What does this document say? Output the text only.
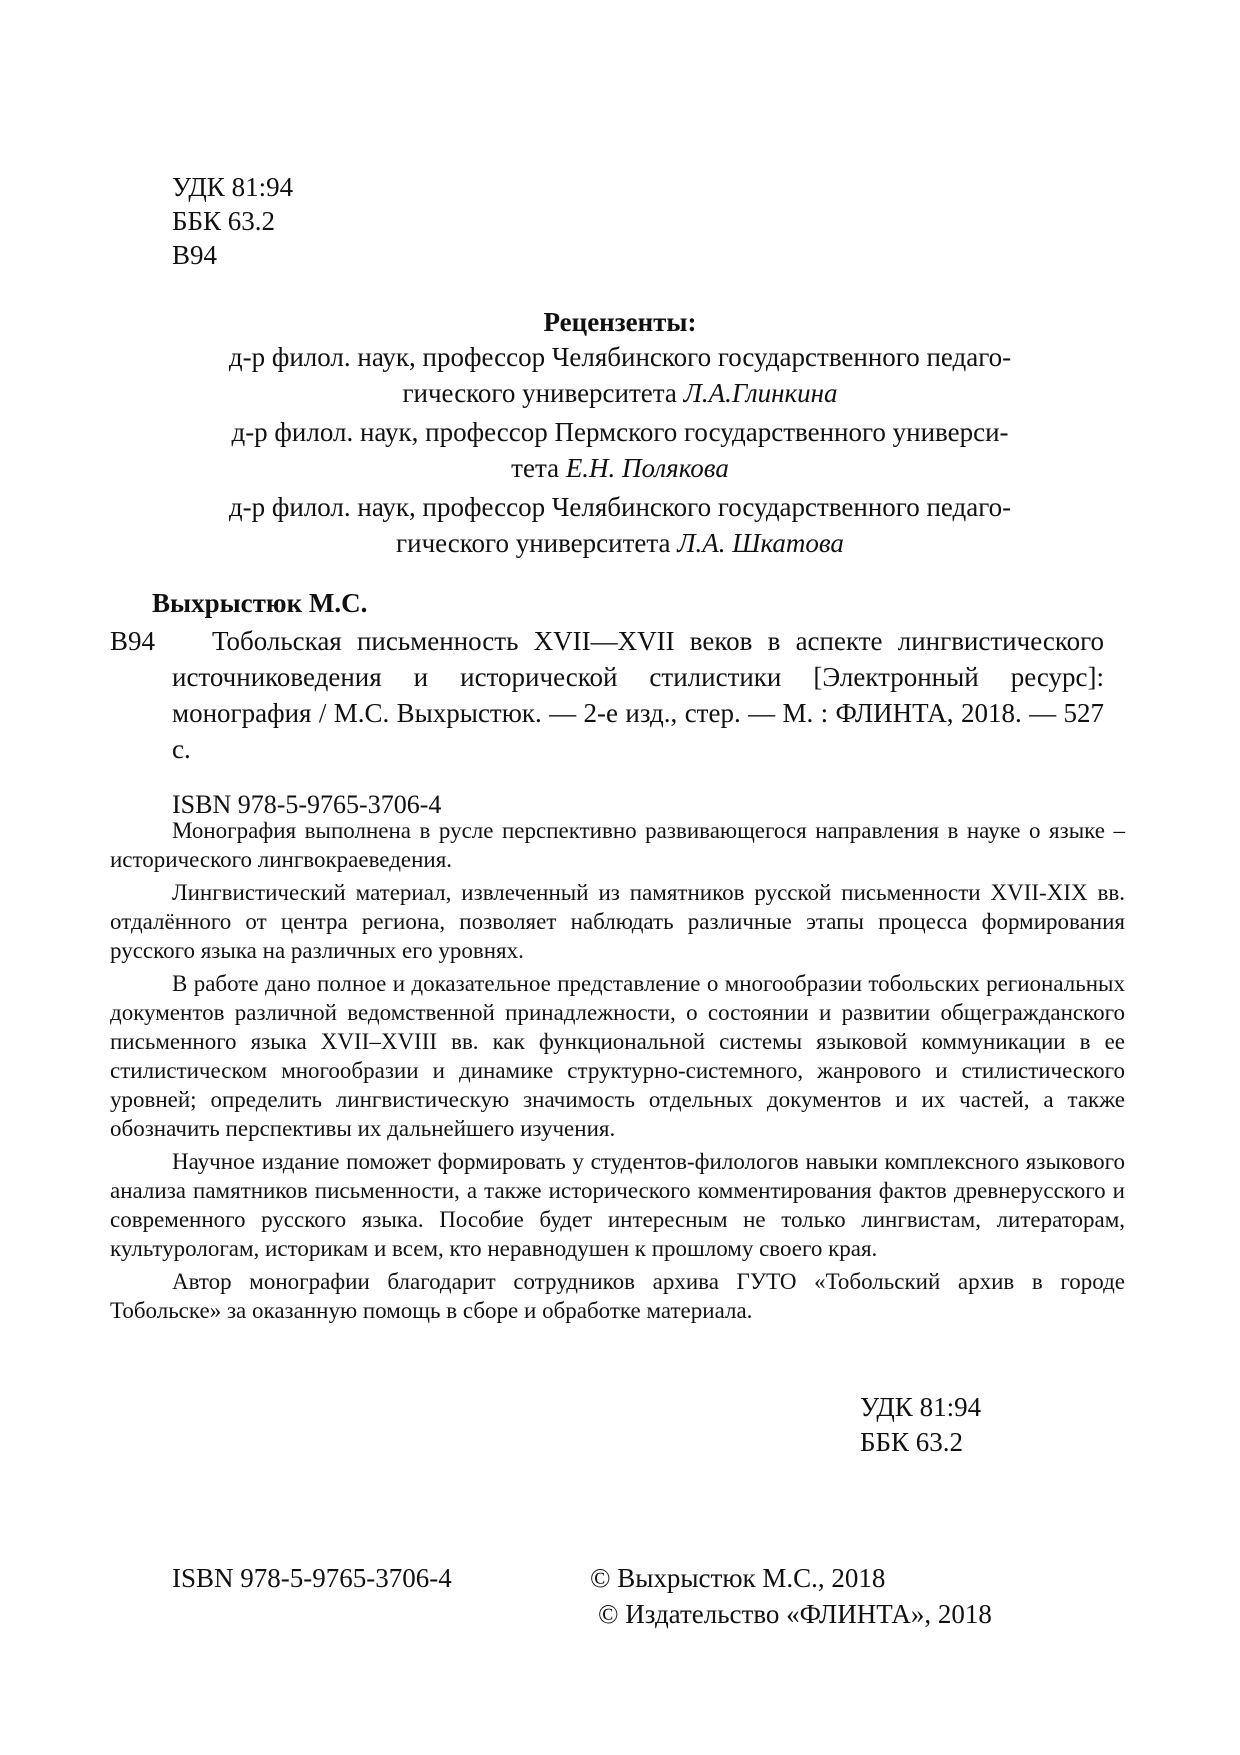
УДК 81:94
ББК 63.2
В94
Рецензенты:
д-р филол. наук, профессор Челябинского государственного педаго-
гического университета Л.А.Глинкина
д-р филол. наук, профессор Пермского государственного универси-
тета Е.Н. Полякова
д-р филол. наук, профессор Челябинского государственного педаго-
гического университета Л.А. Шкатова
Выхрыстюк М.С.
В94	Тобольская письменность XVII—XVII веков в аспекте лингвистического источниковедения и исторической стилистики [Электронный ресурс]: монография / М.С. Выхрыстюк. — 2-е изд., стер. — М. : ФЛИНТА, 2018. — 527 с.
ISBN 978-5-9765-3706-4

Монография выполнена в русле перспективно развивающегося направления в науке о языке – исторического лингвокраеведения.

Лингвистический материал, извлеченный из памятников русской письменности XVII-XIX вв. отдалённого от центра региона, позволяет наблюдать различные этапы процесса формирования русского языка на различных его уровнях.

В работе дано полное и доказательное представление о многообразии тобольских региональных документов различной ведомственной принадлежности, о состоянии и развитии общегражданского письменного языка XVII–XVIII вв. как функциональной системы языковой коммуникации в ее стилистическом многообразии и динамике структурно-системного, жанрового и стилистического уровней; определить лингвистическую значимость отдельных документов и их частей, а также обозначить перспективы их дальнейшего изучения.

Научное издание поможет формировать у студентов-филологов навыки комплексного языкового анализа памятников письменности, а также исторического комментирования фактов древнерусского и современного русского языка. Пособие будет интересным не только лингвистам, литераторам, культурологам, историкам и всем, кто неравнодушен к прошлому своего края.

Автор монографии благодарит сотрудников архива ГУТО «Тобольский архив в городе Тобольске» за оказанную помощь в сборе и обработке материала.

УДК 81:94
ББК 63.2
ISBN 978-5-9765-3706-4	© Выхрыстюк М.С., 2018
© Издательство «ФЛИНТА», 2018
